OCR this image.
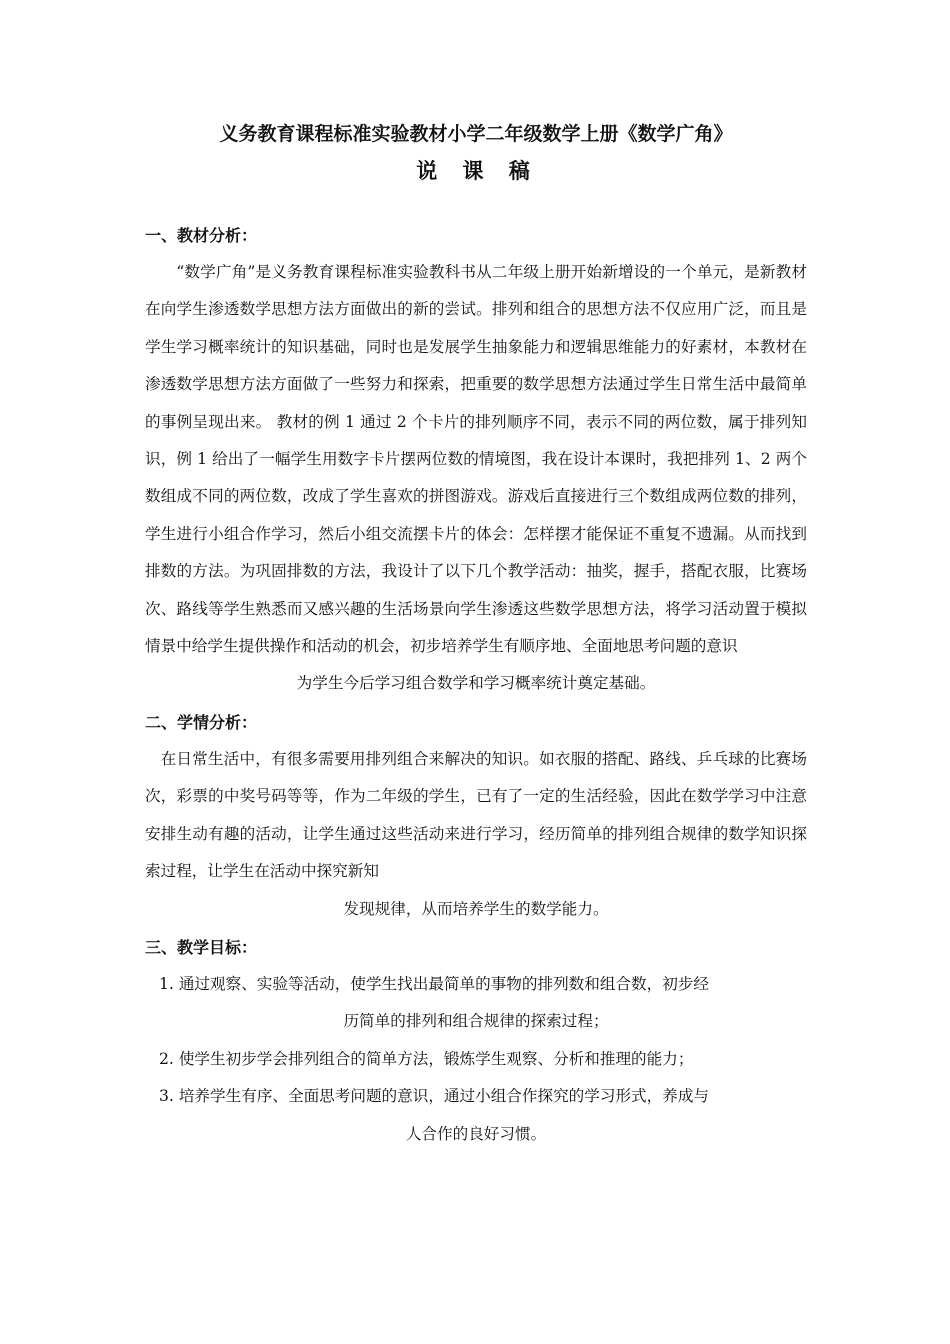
义务教育课程标准实验教材小学二年级数学上册《数学广角》
说 课 稿

一、教材分析：

“数学广角”是义务教育课程标准实验教科书从二年级上册开始新增设的一个单元，是新教材在向学生渗透数学思想方法方面做出的新的尝试。排列和组合的思想方法不仅应用广泛，而且是学生学习概率统计的知识基础，同时也是发展学生抽象能力和逻辑思维能力的好素材，本教材在渗透数学思想方法方面做了一些努力和探索，把重要的数学思想方法通过学生日常生活中最简单的事例呈现出来。 教材的例 1 通过 2 个卡片的排列顺序不同，表示不同的两位数，属于排列知识，例 1 给出了一幅学生用数字卡片摆两位数的情境图，我在设计本课时，我把排列 1、2 两个数组成不同的两位数，改成了学生喜欢的拼图游戏。游戏后直接进行三个数组成两位数的排列，学生进行小组合作学习，然后小组交流摆卡片的体会：怎样摆才能保证不重复不遗漏。从而找到排数的方法。为巩固排数的方法，我设计了以下几个教学活动：抽奖，握手，搭配衣服，比赛场次、路线等学生熟悉而又感兴趣的生活场景向学生渗透这些数学思想方法，将学习活动置于模拟情景中给学生提供操作和活动的机会，初步培养学生有顺序地、全面地思考问题的意识

为学生今后学习组合数学和学习概率统计奠定基础。

二、学情分析：

在日常生活中，有很多需要用排列组合来解决的知识。如衣服的搭配、路线、乒乓球的比赛场次，彩票的中奖号码等等，作为二年级的学生，已有了一定的生活经验，因此在数学学习中注意安排生动有趣的活动，让学生通过这些活动来进行学习，经历简单的排列组合规律的数学知识探索过程，让学生在活动中探究新知

发现规律，从而培养学生的数学能力。

三、教学目标：

1. 通过观察、实验等活动，使学生找出最简单的事物的排列数和组合数，初步经

历简单的排列和组合规律的探索过程；

2. 使学生初步学会排列组合的简单方法，锻炼学生观察、分析和推理的能力；

3. 培养学生有序、全面思考问题的意识，通过小组合作探究的学习形式，养成与

人合作的良好习惯。
